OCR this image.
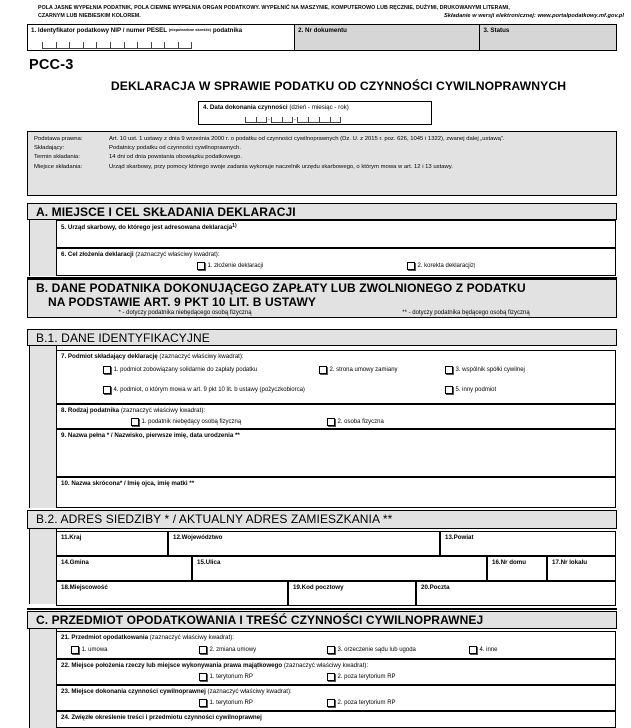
POLA JASNE WYPEŁNIA PODATNIK, POLA CIEMNE WYPEŁNIA ORGAN PODATKOWY. WYPEŁNIĆ NA MASZYNIE, KOMPUTEROWO LUB RĘCZNIE, DUŻYMI, DRUKOWANYMI LITERAMI,
CZARNYM LUB NIEBIESKIM KOLOREM.	Składanie w wersji elektronicznej: www.portalpodatkowy.mf.gov.pl
1. Identyfikator podatkowy NIP / numer PESEL (niepotrzebne skreślić) podatnika	2. Nr dokumentu	3. Status
PCC-3
DEKLARACJA W SPRAWIE PODATKU OD CZYNNOŚCI CYWILNOPRAWNYCH
4. Data dokonania czynności (dzień - miesiąc - rok)
-	-
Podstawa prawna:	Art. 10 ust. 1 ustawy z dnia 9 września 2000 r. o podatku od czynności cywilnoprawnych (Dz. U. z 2015 r. poz. 626, 1045 i 1322), zwanej dalej „ustawą”.
Składający:	Podatnicy podatku od czynności cywilnoprawnych.
Termin składania:	14 dni od dnia powstania obowiązku podatkowego.
Miejsce składania:	Urząd skarbowy, przy pomocy którego swoje zadania wykonuje naczelnik urzędu skarbowego, o którym mowa w art. 12 i 13 ustawy.
A. MIEJSCE I CEL SKŁADANIA DEKLARACJI
5. Urząd skarbowy, do którego jest adresowana deklaracja$^{1)}$
6. Cel złożenia deklaracji (zaznaczyć właściwy kwadrat):
1. złożenie deklaracji	2. korekta deklaracji 2)
B. DANE PODATNIKA DOKONUJĄCEGO ZAPŁATY LUB ZWOLNIONEGO Z PODATKU
NA PODSTAWIE ART. 9 PKT 10 LIT. B USTAWY
* - dotyczy podatnika niebędącego osobą fizyczną	** - dotyczy podatnika będącego osobą fizyczną
B.1. DANE IDENTYFIKACYJNE
7. Podmiot składający deklarację (zaznaczyć właściwy kwadrat):
1. podmiot zobowiązany solidarnie do zapłaty podatku	2. strona umowy zamiany	3. wspólnik spółki cywilnej
4. podmiot, o którym mowa w art. 9 pkt 10 lit. b ustawy (pożyczkobiorca)	5. inny podmiot
8. Rodzaj podatnika (zaznaczyć właściwy kwadrat):
1. podatnik niebędący osobą fizyczną	2. osoba fizyczna
9. Nazwa pełna * / Nazwisko, pierwsze imię, data urodzenia **
10. Nazwa skrócona* / Imię ojca, imię matki **
B.2. ADRES SIEDZIBY * / AKTUALNY ADRES ZAMIESZKANIA **
11.Kraj	12.Województwo	13.Powiat
14.Gmina	15.Ulica	16.Nr domu	17.Nr lokalu
18.Miejscowość	19.Kod pocztowy	20.Poczta
C. PRZEDMIOT OPODATKOWANIA I TREŚĆ CZYNNOŚCI CYWILNOPRAWNEJ
21. Przedmiot opodatkowania (zaznaczyć właściwy kwadrat):
1. umowa	2. zmiana umowy	3. orzeczenie sądu lub ugoda	4. inne
22. Miejsce położenia rzeczy lub miejsce wykonywania prawa majątkowego (zaznaczyć właściwy kwadrat):
1. terytorium RP	2. poza terytorium RP
23. Miejsce dokonania czynności cywilnoprawnej (zaznaczyć właściwy kwadrat):
1. terytorium RP	2. poza terytorium RP
24. Zwięzłe określenie treści i przedmiotu czynności cywilnoprawnej
